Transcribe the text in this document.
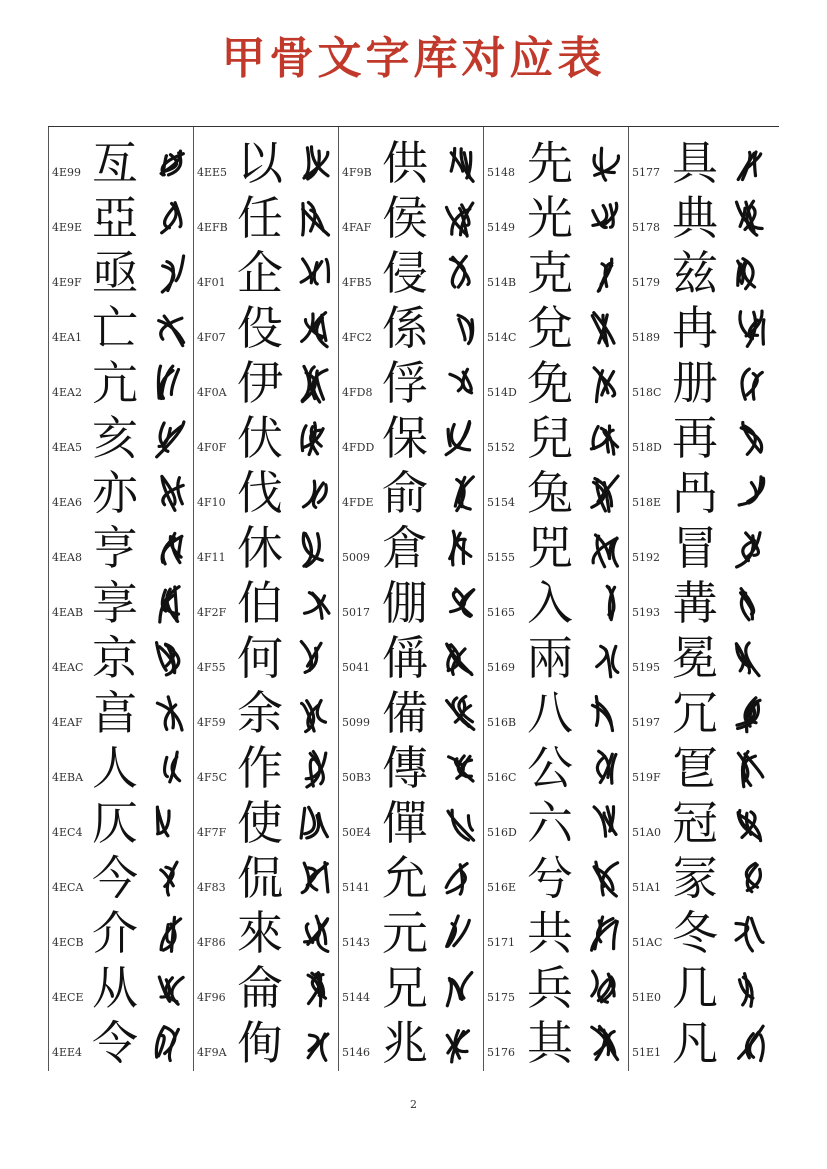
甲骨文字库对应表
4E99 亙
4E9E 亞
4E9F 亟
4EA1 亡
4EA2 亢
4EA5 亥
4EA6 亦
4EA8 亨
4EAB 享
4EAC 京
4EAF 亯
4EBA 人
4EC4 仄
4ECA 今
4ECB 介
4ECE 从
4EE4 令
4EE5 以
4EFB 任
4F01 企
4F07 伇
4F0A 伊
4F0F 伏
4F10 伐
4F11 休
4F2F 伯
4F55 何
4F59 余
4F5C 作
4F7F 使
4F83 侃
4F86 來
4F96 侖
4F9A 侚
4F9B 供
4FAF 侯
4FB5 侵
4FC2 係
4FD8 俘
4FDD 保
4FDE 俞
5009 倉
5017 倗
5041 偁
5099 備
50B3 傳
50E4 僤
5141 允
5143 元
5144 兄
5146 兆
5148 先
5149 光
514B 克
514C 兌
514D 免
5152 兒
5154 兔
5155 兕
5165 入
5169 兩
516B 八
516C 公
516D 六
516E 兮
5171 共
5175 兵
5176 其
5177 具
5178 典
5179 兹
5189 冉
518C 册
518D 再
518E 冎
5192 冒
5193 冓
5195 冕
5197 冗
519F 冟
51A0 冠
51A1 冡
51AC 冬
51E0 几
51E1 凡
2
